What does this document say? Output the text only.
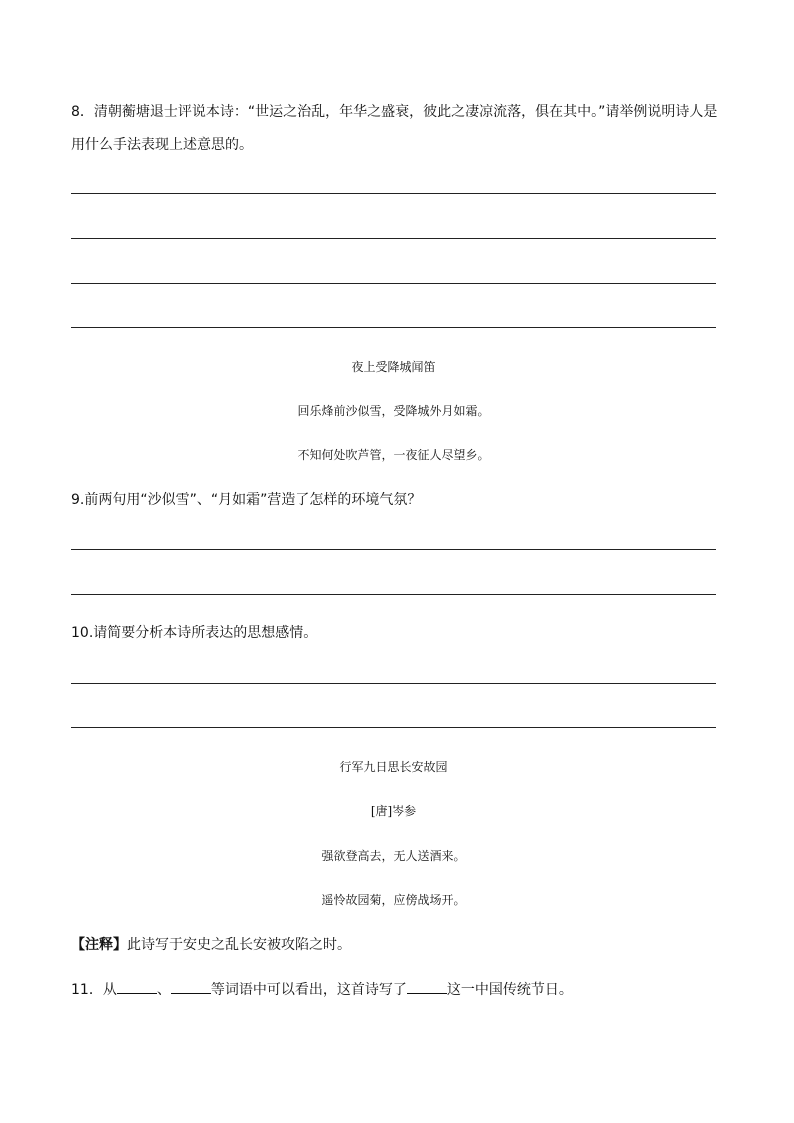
8．清朝蘅塘退士评说本诗：“世运之治乱，年华之盛衰，彼此之凄凉流落，俱在其中。”请举例说明诗人是用什么手法表现上述意思的。
夜上受降城闻笛
回乐烽前沙似雪，受降城外月如霜。
不知何处吹芦管，一夜征人尽望乡。
9.前两句用“沙似雪”、“月如霜”营造了怎样的环境气氛？
10.请简要分析本诗所表达的思想感情。
行军九日思长安故园
[唐]岑参
强欲登高去，无人送酒来。
遥怜故园菊，应傍战场开。
【注释】此诗写于安史之乱长安被攻陷之时。
11．从	、	等词语中可以看出，这首诗写了	这一中国传统节日。
